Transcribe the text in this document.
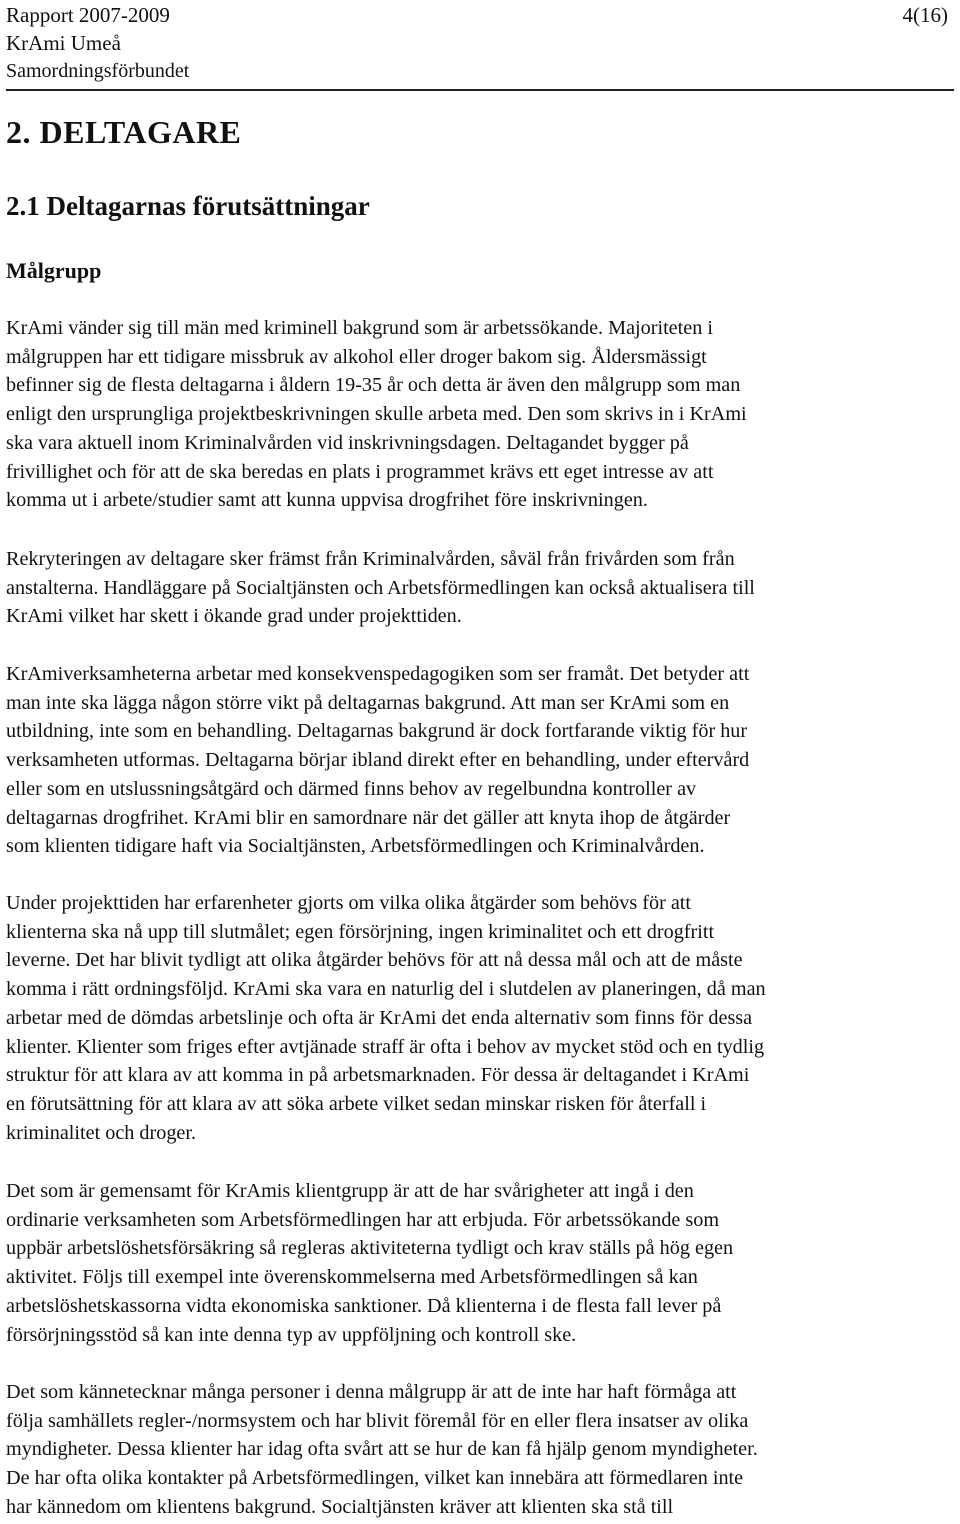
Rapport 2007-2009
KrAmi Umeå
Samordningsförbundet
4(16)
2. DELTAGARE
2.1 Deltagarnas förutsättningar
Målgrupp

KrAmi vänder sig till män med kriminell bakgrund som är arbetssökande. Majoriteten i
målgruppen har ett tidigare missbruk av alkohol eller droger bakom sig. Åldersmässigt
befinner sig de flesta deltagarna i åldern 19-35 år och detta är även den målgrupp som man
enligt den ursprungliga projektbeskrivningen skulle arbeta med. Den som skrivs in i KrAmi
ska vara aktuell inom Kriminalvården vid inskrivningsdagen. Deltagandet bygger på
frivillighet och för att de ska beredas en plats i programmet krävs ett eget intresse av att
komma ut i arbete/studier samt att kunna uppvisa drogfrihet före inskrivningen.

Rekryteringen av deltagare sker främst från Kriminalvården, såväl från frivården som från
anstalterna. Handläggare på Socialtjänsten och Arbetsförmedlingen kan också aktualisera till
KrAmi vilket har skett i ökande grad under projekttiden.

KrAmiverksamheterna arbetar med konsekvenspedagogiken som ser framåt. Det betyder att
man inte ska lägga någon större vikt på deltagarnas bakgrund. Att man ser KrAmi som en
utbildning, inte som en behandling. Deltagarnas bakgrund är dock fortfarande viktig för hur
verksamheten utformas. Deltagarna börjar ibland direkt efter en behandling, under eftervård
eller som en utslussningsåtgärd och därmed finns behov av regelbundna kontroller av
deltagarnas drogfrihet. KrAmi blir en samordnare när det gäller att knyta ihop de åtgärder
som klienten tidigare haft via Socialtjänsten, Arbetsförmedlingen och Kriminalvården.

Under projekttiden har erfarenheter gjorts om vilka olika åtgärder som behövs för att
klienterna ska nå upp till slutmålet; egen försörjning, ingen kriminalitet och ett drogfritt
leverne. Det har blivit tydligt att olika åtgärder behövs för att nå dessa mål och att de måste
komma i rätt ordningsföljd. KrAmi ska vara en naturlig del i slutdelen av planeringen, då man
arbetar med de dömdas arbetslinje och ofta är KrAmi det enda alternativ som finns för dessa
klienter. Klienter som friges efter avtjänade straff är ofta i behov av mycket stöd och en tydlig
struktur för att klara av att komma in på arbetsmarknaden. För dessa är deltagandet i KrAmi
en förutsättning för att klara av att söka arbete vilket sedan minskar risken för återfall i
kriminalitet och droger.

Det som är gemensamt för KrAmis klientgrupp är att de har svårigheter att ingå i den
ordinarie verksamheten som Arbetsförmedlingen har att erbjuda. För arbetssökande som
uppbär arbetslöshetsförsäkring så regleras aktiviteterna tydligt och krav ställs på hög egen
aktivitet. Följs till exempel inte överenskommelserna med Arbetsförmedlingen så kan
arbetslöshetskassorna vidta ekonomiska sanktioner. Då klienterna i de flesta fall lever på
försörjningsstöd så kan inte denna typ av uppföljning och kontroll ske.

Det som kännetecknar många personer i denna målgrupp är att de inte har haft förmåga att
följa samhällets regler-/normsystem och har blivit föremål för en eller flera insatser av olika
myndigheter. Dessa klienter har idag ofta svårt att se hur de kan få hjälp genom myndigheter.
De har ofta olika kontakter på Arbetsförmedlingen, vilket kan innebära att förmedlaren inte
har kännedom om klientens bakgrund. Socialtjänsten kräver att klienten ska stå till
